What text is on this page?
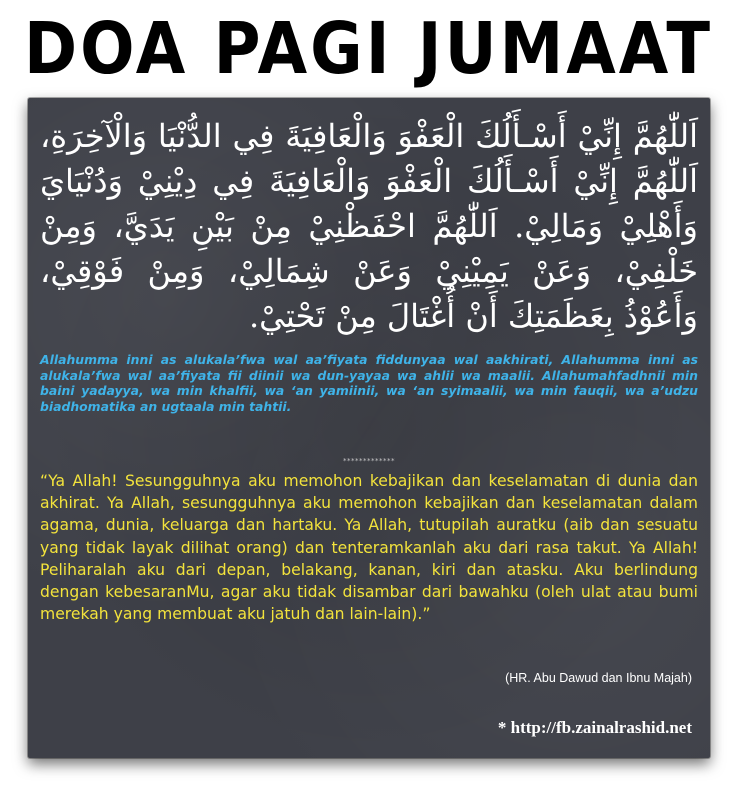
DOA PAGI JUMAAT
اَللّٰهُمَّ إِنِّيْ أَسْـأَلُكَ الْعَفْوَ وَالْعَافِيَةَ فِي الدُّنْيَا وَالْآخِرَةِ، اَللّٰهُمَّ إِنِّيْ أَسْـأَلُكَ الْعَفْوَ وَالْعَافِيَةَ فِي دِيْنِيْ وَدُنْيَايَ وَأَهْلِيْ وَمَالِيْ. اَللّٰهُمَّ احْفَظْنِيْ مِنْ بَيْنِ يَدَيَّ، وَمِنْ خَلْفِيْ، وَعَنْ يَمِيْنِيْ وَعَنْ شِمَالِيْ، وَمِنْ فَوْقِيْ، وَأَعُوْذُ بِعَظَمَتِكَ أَنْ أُغْتَالَ مِنْ تَحْتِيْ.
Allahumma inni as alukala’fwa wal aa’fiyata fiddunyaa wal aakhirati, Allahumma inni as alukala’fwa wal aa’fiyata fii diinii wa dun-yayaa wa ahlii wa maalii. Allahumahfadhnii min baini yadayya, wa min khalfii, wa ‘an yamiinii, wa ‘an syimaalii, wa min fauqii, wa a’udzu biadhomatika an ugtaala min tahtii.
*************
“Ya Allah! Sesungguhnya aku memohon kebajikan dan keselamatan di dunia dan akhirat. Ya Allah, sesungguhnya aku memohon kebajikan dan keselamatan dalam agama, dunia, keluarga dan hartaku. Ya Allah, tutupilah auratku (aib dan sesuatu yang tidak layak dilihat orang) dan tenteramkanlah aku dari rasa takut. Ya Allah! Peliharalah aku dari depan, belakang, kanan, kiri dan atasku. Aku berlindung dengan kebesaranMu, agar aku tidak disambar dari bawahku (oleh ulat atau bumi merekah yang membuat aku jatuh dan lain-lain).”
(HR. Abu Dawud dan Ibnu Majah)
* http://fb.zainalrashid.net
